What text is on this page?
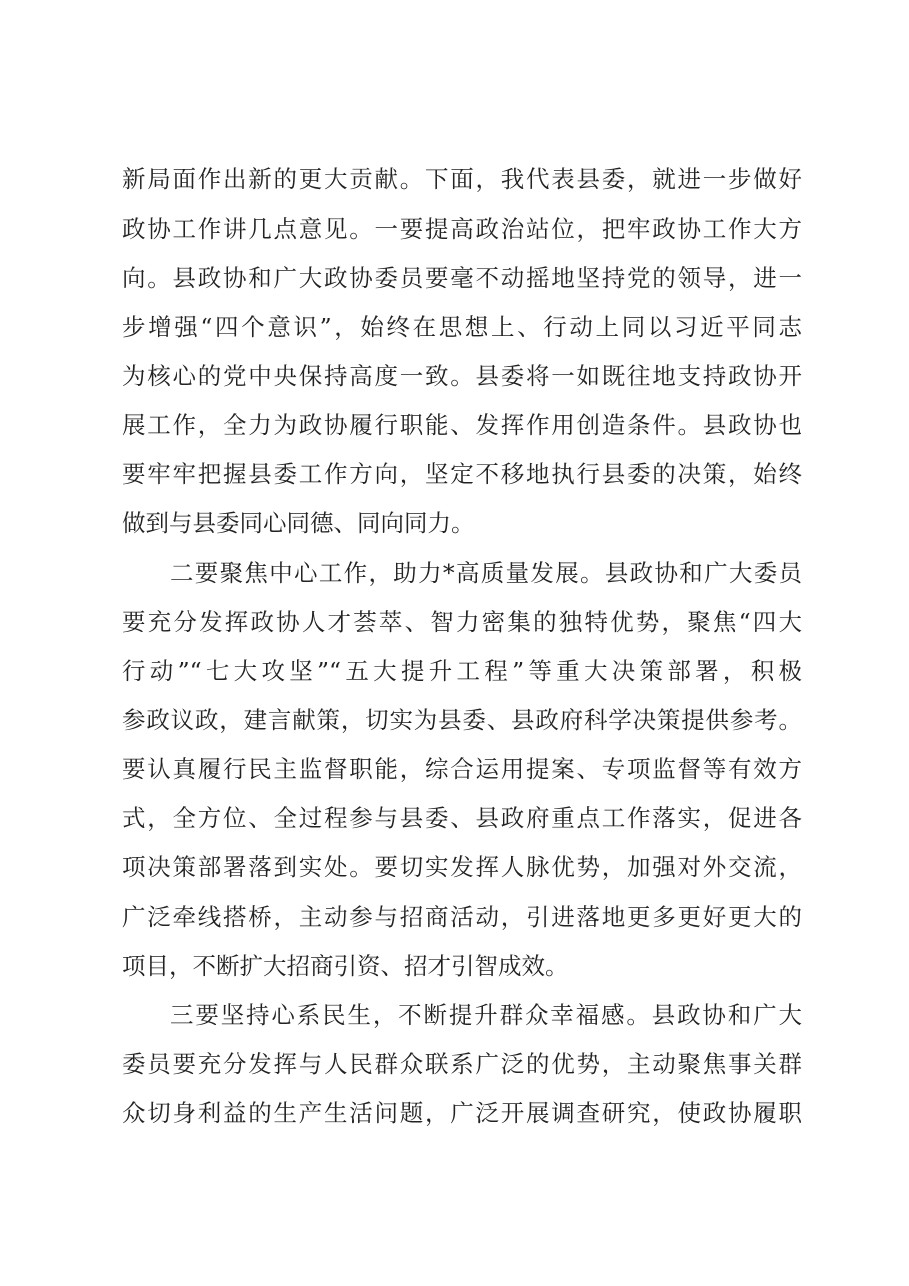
新局面作出新的更大贡献。下面，我代表县委，就进一步做好
政协工作讲几点意见。一要提高政治站位，把牢政协工作大方
向。县政协和广大政协委员要毫不动摇地坚持党的领导，进一
步增强“四个意识”，始终在思想上、行动上同以习近平同志
为核心的党中央保持高度一致。县委将一如既往地支持政协开
展工作，全力为政协履行职能、发挥作用创造条件。县政协也
要牢牢把握县委工作方向，坚定不移地执行县委的决策，始终
做到与县委同心同德、同向同力。
二要聚焦中心工作，助力*高质量发展。县政协和广大委员
要充分发挥政协人才荟萃、智力密集的独特优势，聚焦“四大
行动”“七大攻坚”“五大提升工程”等重大决策部署，积极
参政议政，建言献策，切实为县委、县政府科学决策提供参考。
要认真履行民主监督职能，综合运用提案、专项监督等有效方
式，全方位、全过程参与县委、县政府重点工作落实，促进各
项决策部署落到实处。要切实发挥人脉优势，加强对外交流，
广泛牵线搭桥，主动参与招商活动，引进落地更多更好更大的
项目，不断扩大招商引资、招才引智成效。
三要坚持心系民生，不断提升群众幸福感。县政协和广大
委员要充分发挥与人民群众联系广泛的优势，主动聚焦事关群
众切身利益的生产生活问题，广泛开展调查研究，使政协履职
